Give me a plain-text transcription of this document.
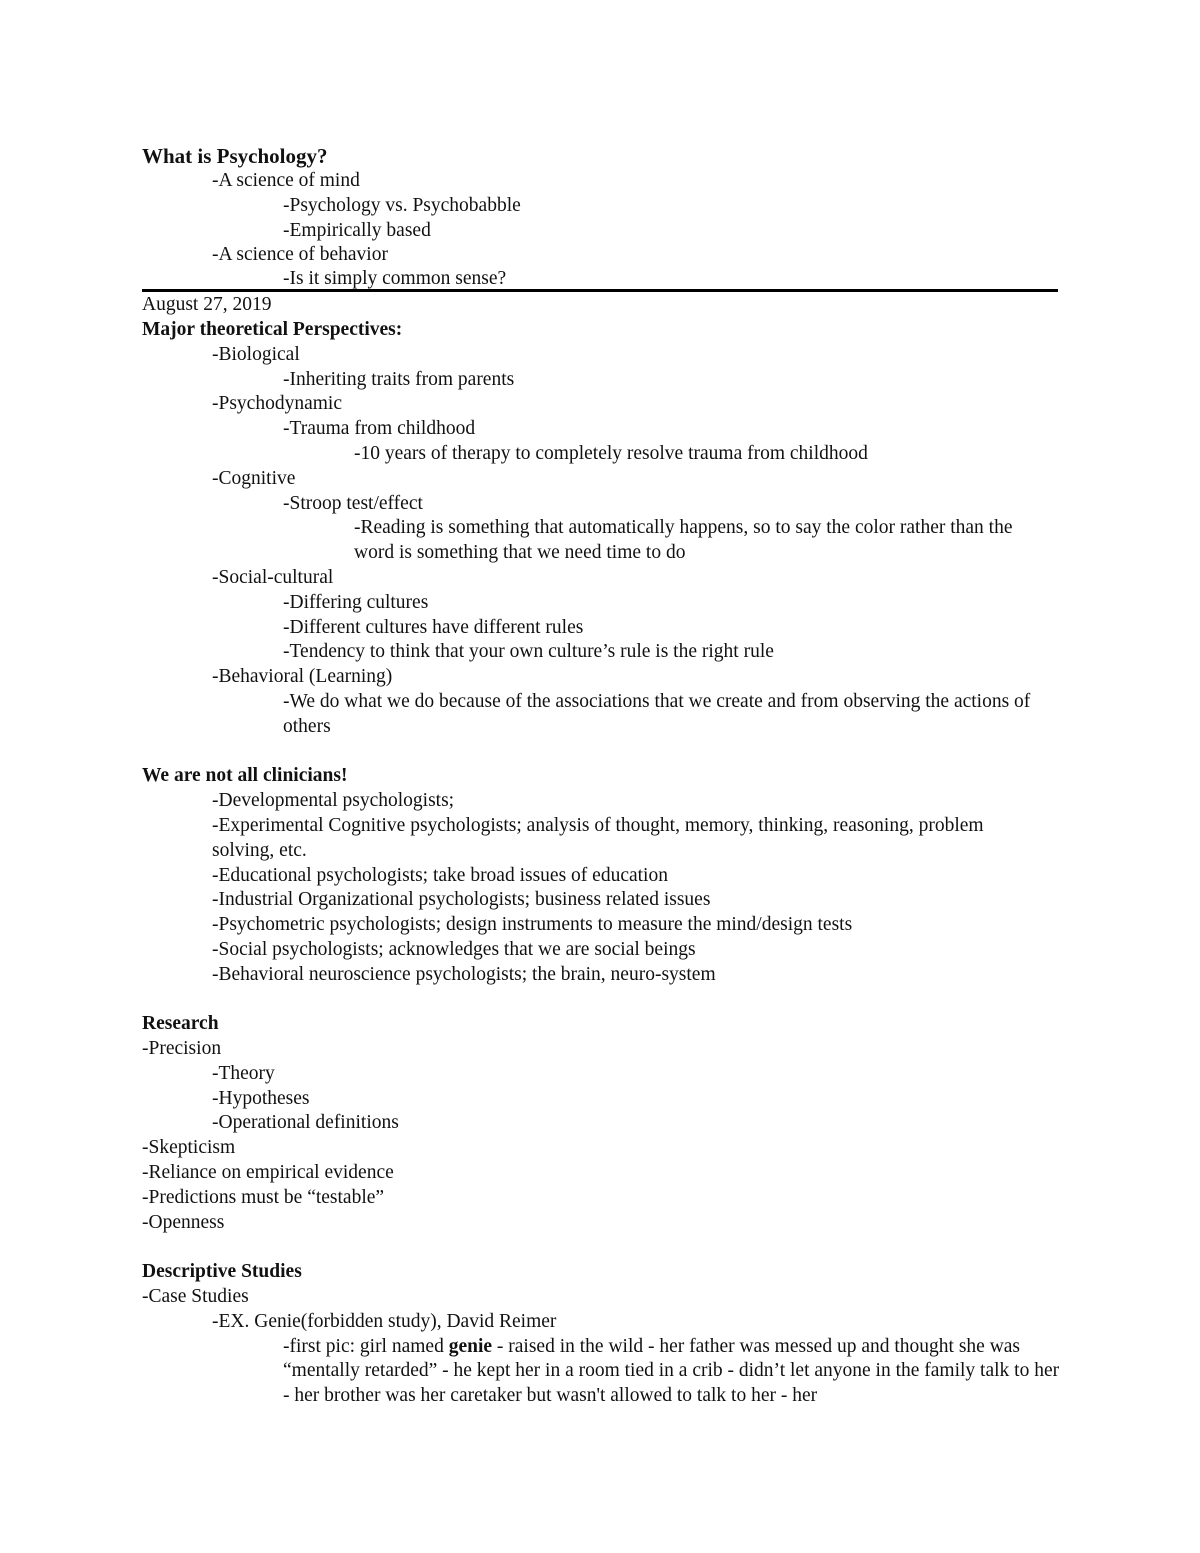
What is Psychology?
-A science of mind
-Psychology vs. Psychobabble
-Empirically based
-A science of behavior
-Is it simply common sense?
August 27, 2019
Major theoretical Perspectives:
-Biological
-Inheriting traits from parents
-Psychodynamic
-Trauma from childhood
-10 years of therapy to completely resolve trauma from childhood
-Cognitive
-Stroop test/effect
-Reading is something that automatically happens, so to say the color rather than the word is something that we need time to do
-Social-cultural
-Differing cultures
-Different cultures have different rules
-Tendency to think that your own culture’s rule is the right rule
-Behavioral (Learning)
-We do what we do because of the associations that we create and from observing the actions of others
We are not all clinicians!
-Developmental psychologists;
-Experimental Cognitive psychologists; analysis of thought, memory, thinking, reasoning, problem solving, etc.
-Educational psychologists; take broad issues of education
-Industrial Organizational psychologists; business related issues
-Psychometric psychologists; design instruments to measure the mind/design tests
-Social psychologists; acknowledges that we are social beings
-Behavioral neuroscience psychologists; the brain, neuro-system
Research
-Precision
-Theory
-Hypotheses
-Operational definitions
-Skepticism
-Reliance on empirical evidence
-Predictions must be “testable”
-Openness
Descriptive Studies
-Case Studies
-EX. Genie(forbidden study), David Reimer
-first pic: girl named genie - raised in the wild - her father was messed up and thought she was “mentally retarded” - he kept her in a room tied in a crib - didn’t let anyone in the family talk to her - her brother was her caretaker but wasn't allowed to talk to her - her
